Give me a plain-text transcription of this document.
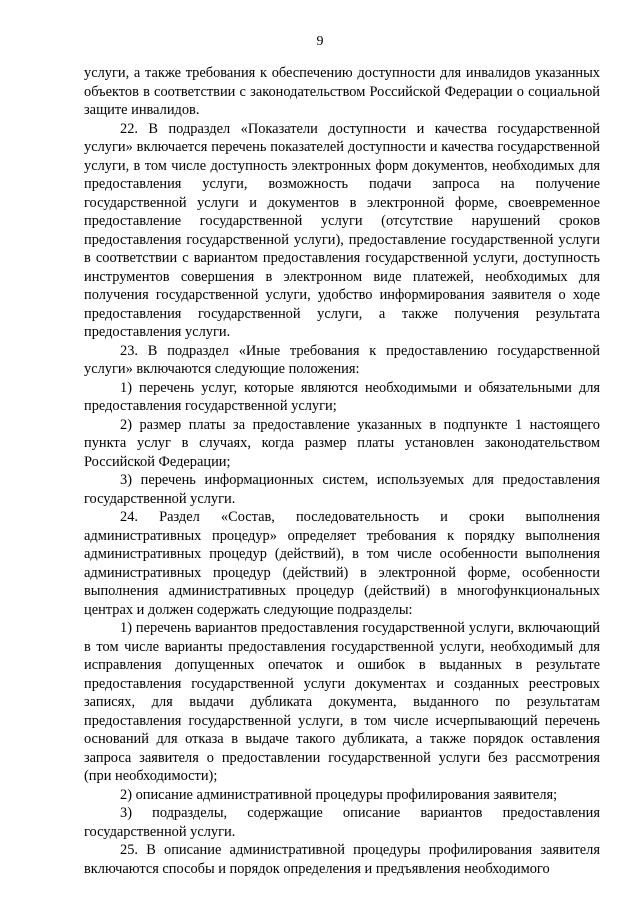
9

услуги, а также требования к обеспечению доступности для инвалидов указанных объектов в соответствии с законодательством Российской Федерации о социальной защите инвалидов.

22. В подраздел «Показатели доступности и качества государственной услуги» включается перечень показателей доступности и качества государственной услуги, в том числе доступность электронных форм документов, необходимых для предоставления услуги, возможность подачи запроса на получение государственной услуги и документов в электронной форме, своевременное предоставление государственной услуги (отсутствие нарушений сроков предоставления государственной услуги), предоставление государственной услуги в соответствии с вариантом предоставления государственной услуги, доступность инструментов совершения в электронном виде платежей, необходимых для получения государственной услуги, удобство информирования заявителя о ходе предоставления государственной услуги, а также получения результата предоставления услуги.

23. В подраздел «Иные требования к предоставлению государственной услуги» включаются следующие положения:

1) перечень услуг, которые являются необходимыми и обязательными для предоставления государственной услуги;

2) размер платы за предоставление указанных в подпункте 1 настоящего пункта услуг в случаях, когда размер платы установлен законодательством Российской Федерации;

3) перечень информационных систем, используемых для предоставления государственной услуги.

24. Раздел «Состав, последовательность и сроки выполнения административных процедур» определяет требования к порядку выполнения административных процедур (действий), в том числе особенности выполнения административных процедур (действий) в электронной форме, особенности выполнения административных процедур (действий) в многофункциональных центрах и должен содержать следующие подразделы:

1) перечень вариантов предоставления государственной услуги, включающий в том числе варианты предоставления государственной услуги, необходимый для исправления допущенных опечаток и ошибок в выданных в результате предоставления государственной услуги документах и созданных реестровых записях, для выдачи дубликата документа, выданного по результатам предоставления государственной услуги, в том числе исчерпывающий перечень оснований для отказа в выдаче такого дубликата, а также порядок оставления запроса заявителя о предоставлении государственной услуги без рассмотрения (при необходимости);

2) описание административной процедуры профилирования заявителя;

3) подразделы, содержащие описание вариантов предоставления государственной услуги.

25. В описание административной процедуры профилирования заявителя включаются способы и порядок определения и предъявления необходимого
